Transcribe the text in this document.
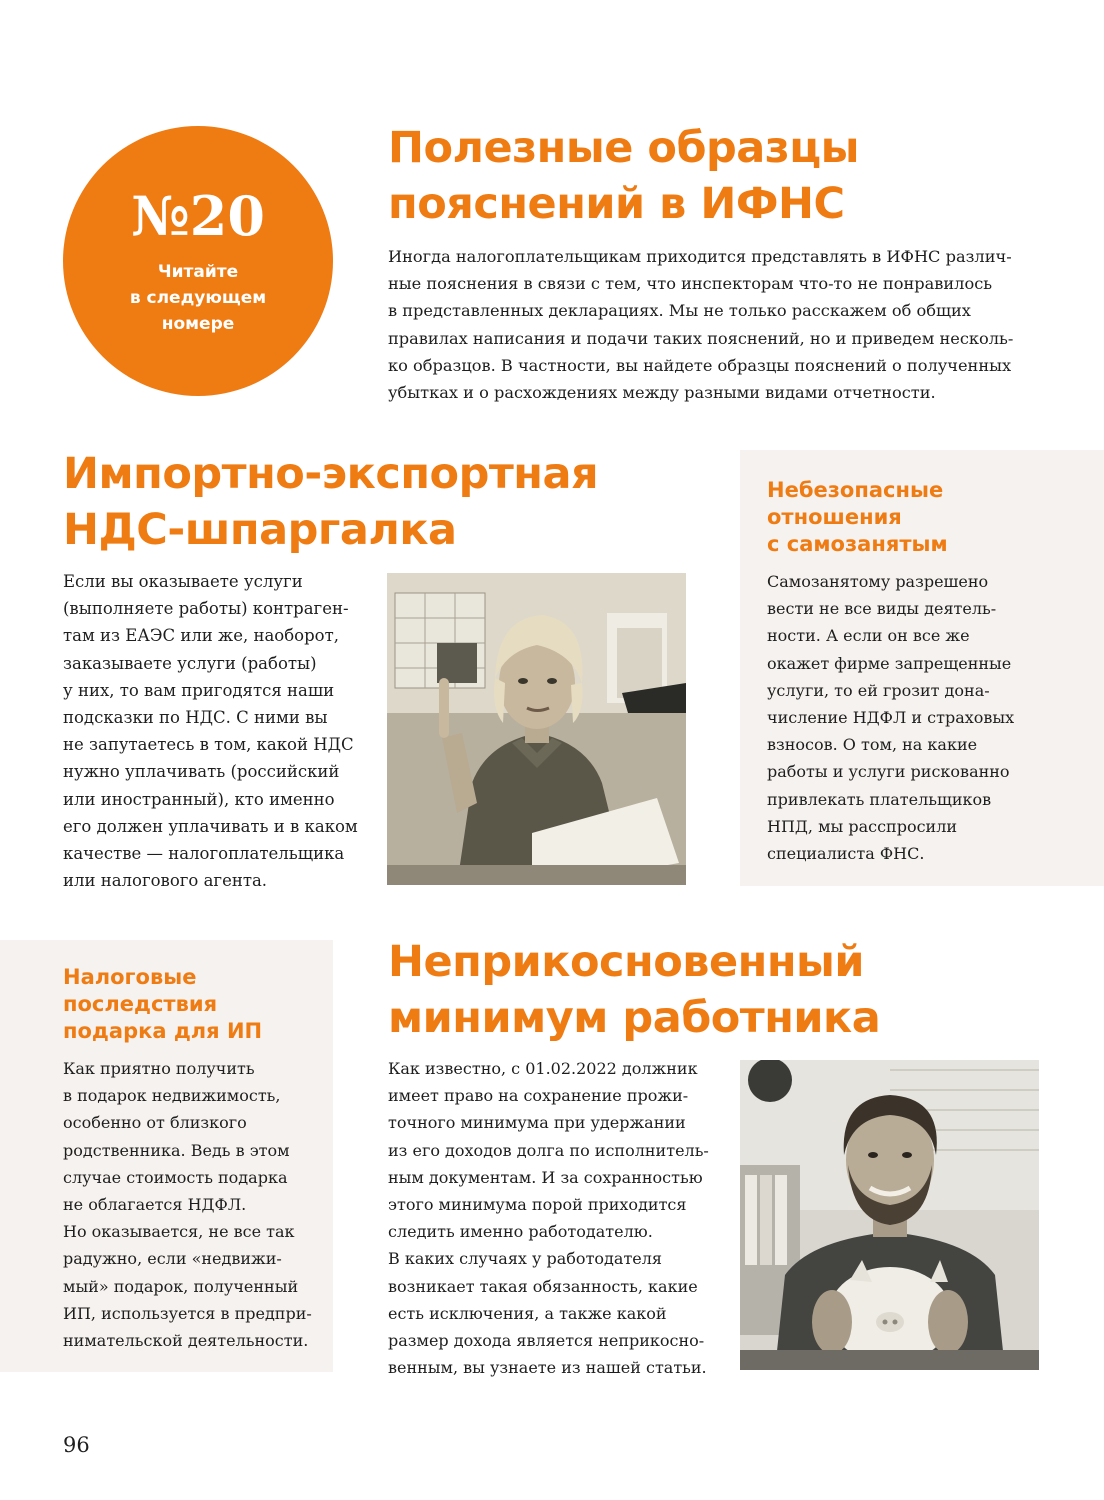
№20
Читайте
в следующем
номере
Полезные образцы
пояснений в ИФНС
Иногда налогоплательщикам приходится представлять в ИФНС различ-
ные пояснения в связи с тем, что инспекторам что-то не понравилось
в представленных декларациях. Мы не только расскажем об общих
правилах написания и подачи таких пояснений, но и приведем несколь-
ко образцов. В частности, вы найдете образцы пояснений о полученных
убытках и о расхождениях между разными видами отчетности.
Импортно-экспортная
НДС-шпаргалка
Если вы оказываете услуги
(выполняете работы) контраген-
там из ЕАЭС или же, наоборот,
заказываете услуги (работы)
у них, то вам пригодятся наши
подсказки по НДС. С ними вы
не запутаетесь в том, какой НДС
нужно уплачивать (российский
или иностранный), кто именно
его должен уплачивать и в каком
качестве — налогоплательщика
или налогового агента.
Небезопасные
отношения
с самозанятым
Самозанятому разрешено
вести не все виды деятель-
ности. А если он все же
окажет фирме запрещенные
услуги, то ей грозит дона-
числение НДФЛ и страховых
взносов. О том, на какие
работы и услуги рискованно
привлекать плательщиков
НПД, мы расспросили
специалиста ФНС.
Налоговые
последствия
подарка для ИП
Как приятно получить
в подарок недвижимость,
особенно от близкого
родственника. Ведь в этом
случае стоимость подарка
не облагается НДФЛ.
Но оказывается, не все так
радужно, если «недвижи-
мый» подарок, полученный
ИП, используется в предпри-
нимательской деятельности.
Неприкосновенный
минимум работника
Как известно, с 01.02.2022 должник
имеет право на сохранение прожи-
точного минимума при удержании
из его доходов долга по исполнитель-
ным документам. И за сохранностью
этого минимума порой приходится
следить именно работодателю.
В каких случаях у работодателя
возникает такая обязанность, какие
есть исключения, а также какой
размер дохода является неприкосно-
венным, вы узнаете из нашей статьи.
96
